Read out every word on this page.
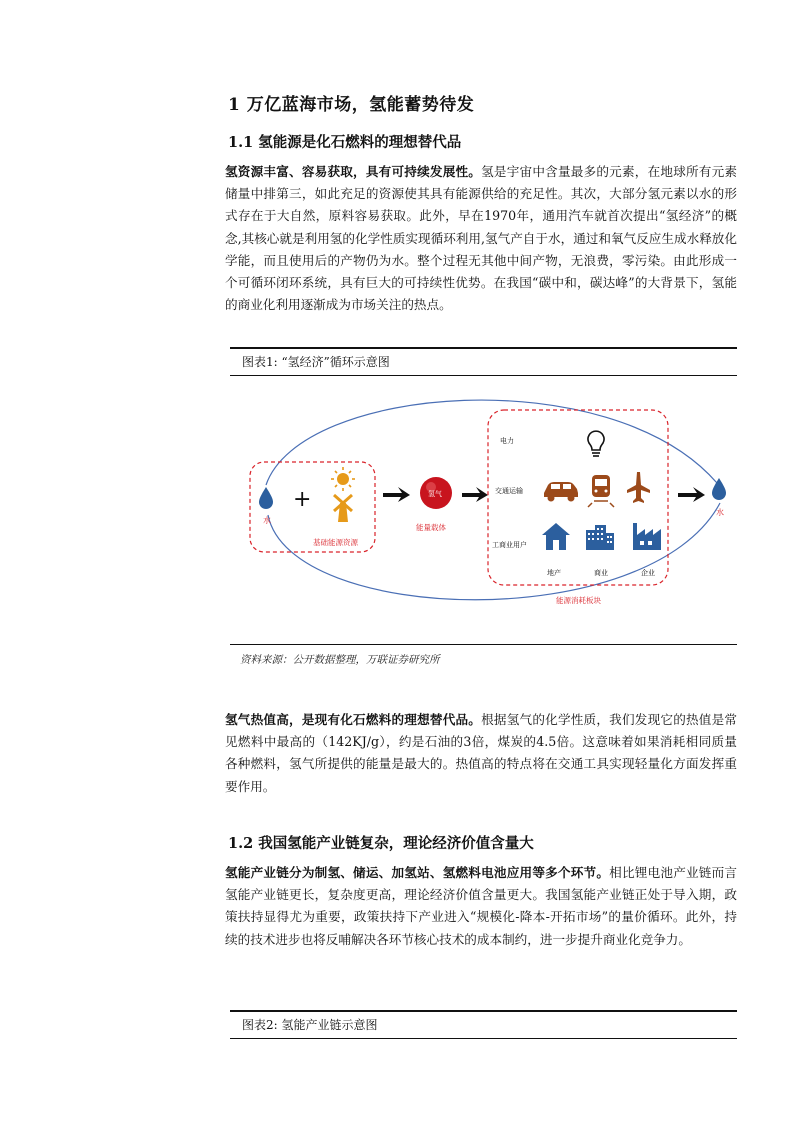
1 万亿蓝海市场，氢能蓄势待发
1.1 氢能源是化石燃料的理想替代品
氢资源丰富、容易获取，具有可持续发展性。氢是宇宙中含量最多的元素，在地球所有元素储量中排第三，如此充足的资源使其具有能源供给的充足性。其次，大部分氢元素以水的形式存在于大自然，原料容易获取。此外，早在1970年，通用汽车就首次提出“氢经济”的概念,其核心就是利用氢的化学性质实现循环利用,氢气产自于水，通过和氧气反应生成水释放化学能，而且使用后的产物仍为水。整个过程无其他中间产物，无浪费，零污染。由此形成一个可循环闭环系统，具有巨大的可持续性优势。在我国“碳中和，碳达峰”的大背景下，氢能的商业化利用逐渐成为市场关注的热点。
图表1: “氢经济”循环示意图
水
+
基础能源资源
氢气
能量载体
电力
交通运输
工商业用户
地产	商业	企业
能源消耗板块
水
资料来源：公开数据整理，万联证券研究所
氢气热值高，是现有化石燃料的理想替代品。根据氢气的化学性质，我们发现它的热值是常见燃料中最高的（142KJ/g），约是石油的3倍，煤炭的4.5倍。这意味着如果消耗相同质量各种燃料，氢气所提供的能量是最大的。热值高的特点将在交通工具实现轻量化方面发挥重要作用。
1.2 我国氢能产业链复杂，理论经济价值含量大
氢能产业链分为制氢、储运、加氢站、氢燃料电池应用等多个环节。相比锂电池产业链而言氢能产业链更长，复杂度更高，理论经济价值含量更大。我国氢能产业链正处于导入期，政策扶持显得尤为重要，政策扶持下产业进入“规模化-降本-开拓市场”的量价循环。此外，持续的技术进步也将反哺解决各环节核心技术的成本制约，进一步提升商业化竞争力。
图表2: 氢能产业链示意图
